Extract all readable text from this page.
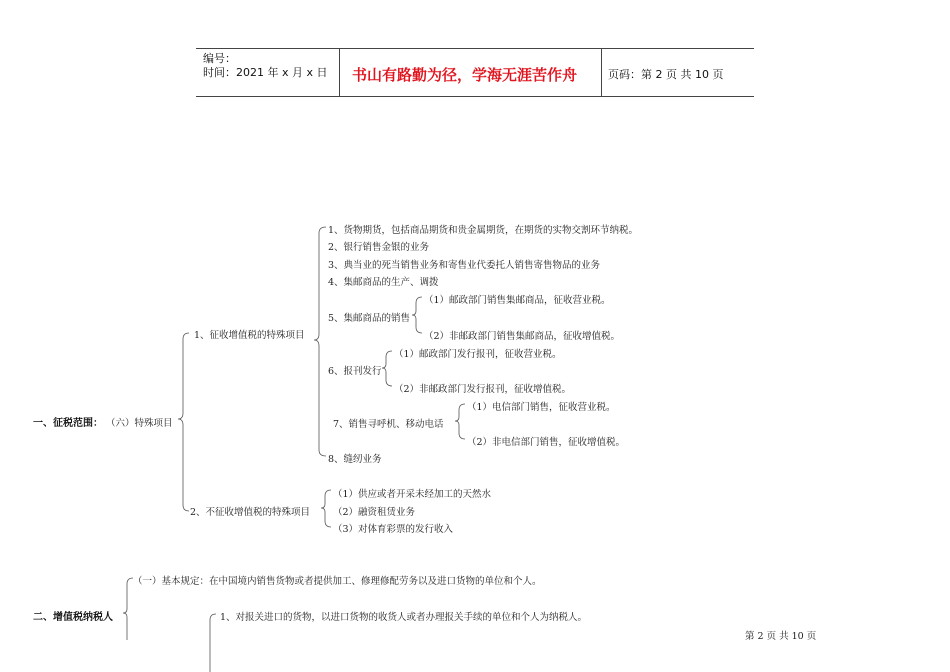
编号：
时间：2021 年 x 月 x 日 书山有路勤为径，学海无涯苦作舟	页码：第 2 页 共 10 页
一、征税范围： （六）特殊项目
1、征收增值税的特殊项目
1、货物期货，包括商品期货和贵金属期货，在期货的实物交割环节纳税。
2、银行销售金银的业务
3、典当业的死当销售业务和寄售业代委托人销售寄售物品的业务
4、集邮商品的生产、调拨
5、集邮商品的销售
（1）邮政部门销售集邮商品，征收营业税。
（2）非邮政部门销售集邮商品，征收增值税。
6、报刊发行
（1）邮政部门发行报刊，征收营业税。
（2）非邮政部门发行报刊，征收增值税。
7、销售寻呼机、移动电话
（1）电信部门销售，征收营业税。
（2）非电信部门销售，征收增值税。
8、缝纫业务
2、不征收增值税的特殊项目
（1）供应或者开采未经加工的天然水
（2）融资租赁业务
（3）对体育彩票的发行收入
二、增值税纳税人
（一）基本规定：在中国境内销售货物或者提供加工、修理修配劳务以及进口货物的单位和个人。
1、对报关进口的货物，以进口货物的收货人或者办理报关手续的单位和个人为纳税人。
第 2 页 共 10 页
